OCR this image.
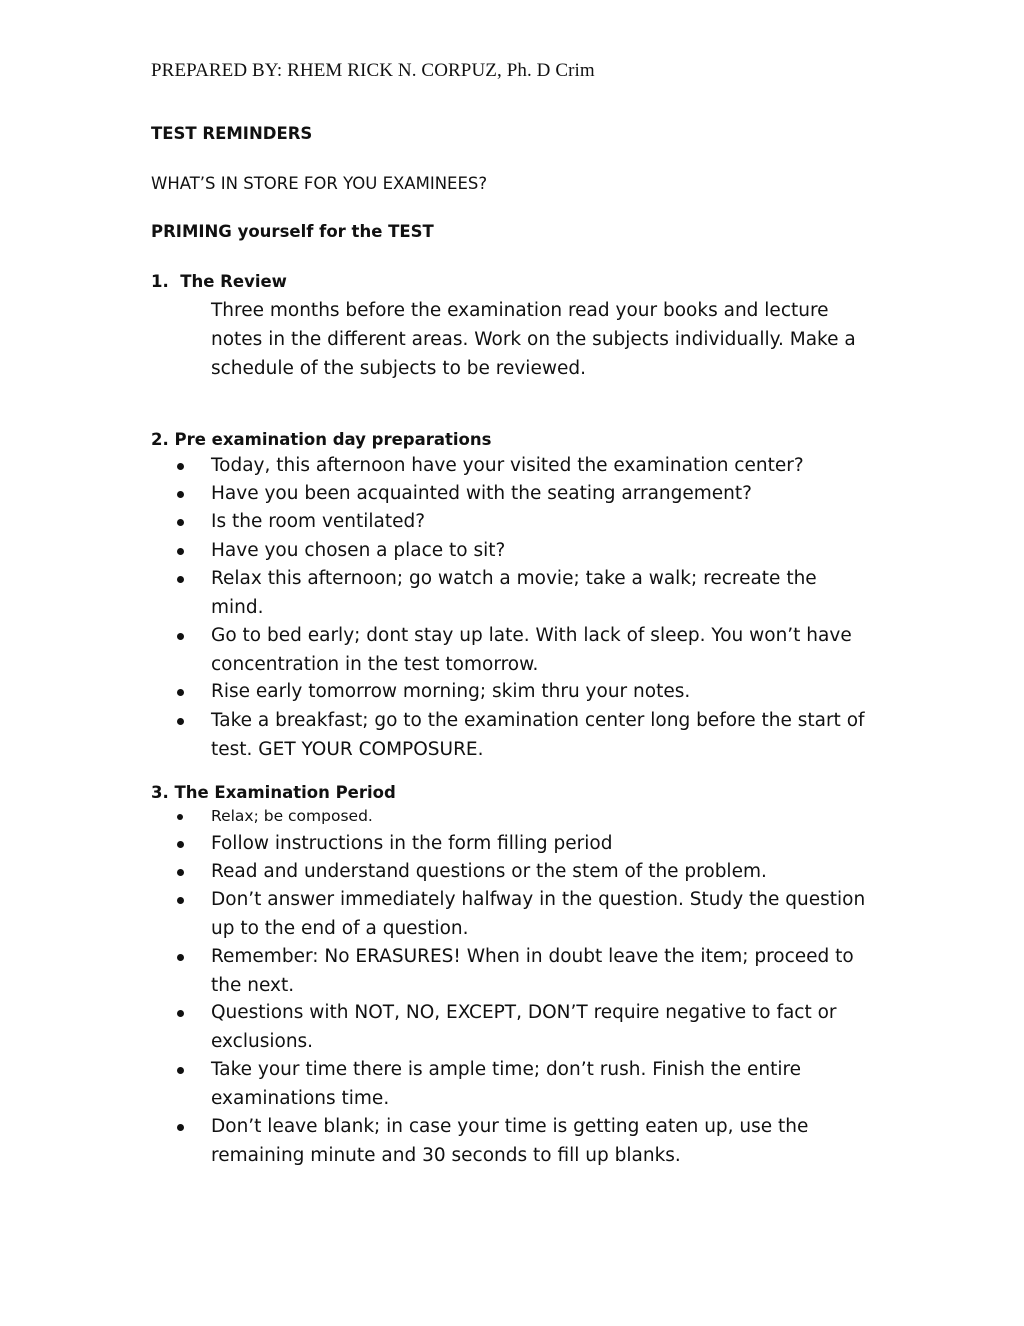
PREPARED BY: RHEM RICK N. CORPUZ, Ph. D Crim
TEST REMINDERS
WHAT’S IN STORE FOR YOU EXAMINEES?
PRIMING yourself for the TEST
1.  The Review
Three months before the examination read your books and lecture notes in the different areas. Work on the subjects individually. Make a schedule of the subjects to be reviewed.
2. Pre examination day preparations
Today, this afternoon have your visited the examination center?
Have you been acquainted with the seating arrangement?
Is the room ventilated?
Have you chosen a place to sit?
Relax this afternoon; go watch a movie; take a walk; recreate the mind.
Go to bed early; dont stay up late. With lack of sleep. You won’t have concentration in the test tomorrow.
Rise early tomorrow morning; skim thru your notes.
Take a breakfast; go to the examination center long before the start of test. GET YOUR COMPOSURE.
3. The Examination Period
Relax; be composed.
Follow instructions in the form filling period
Read and understand questions or the stem of the problem.
Don’t answer immediately halfway in the question. Study the question up to the end of a question.
Remember: No ERASURES! When in doubt leave the item; proceed to the next.
Questions with NOT, NO, EXCEPT, DON’T require negative to fact or exclusions.
Take your time there is ample time; don’t rush. Finish the entire examinations time.
Don’t leave blank; in case your time is getting eaten up, use the remaining minute and 30 seconds to fill up blanks.
